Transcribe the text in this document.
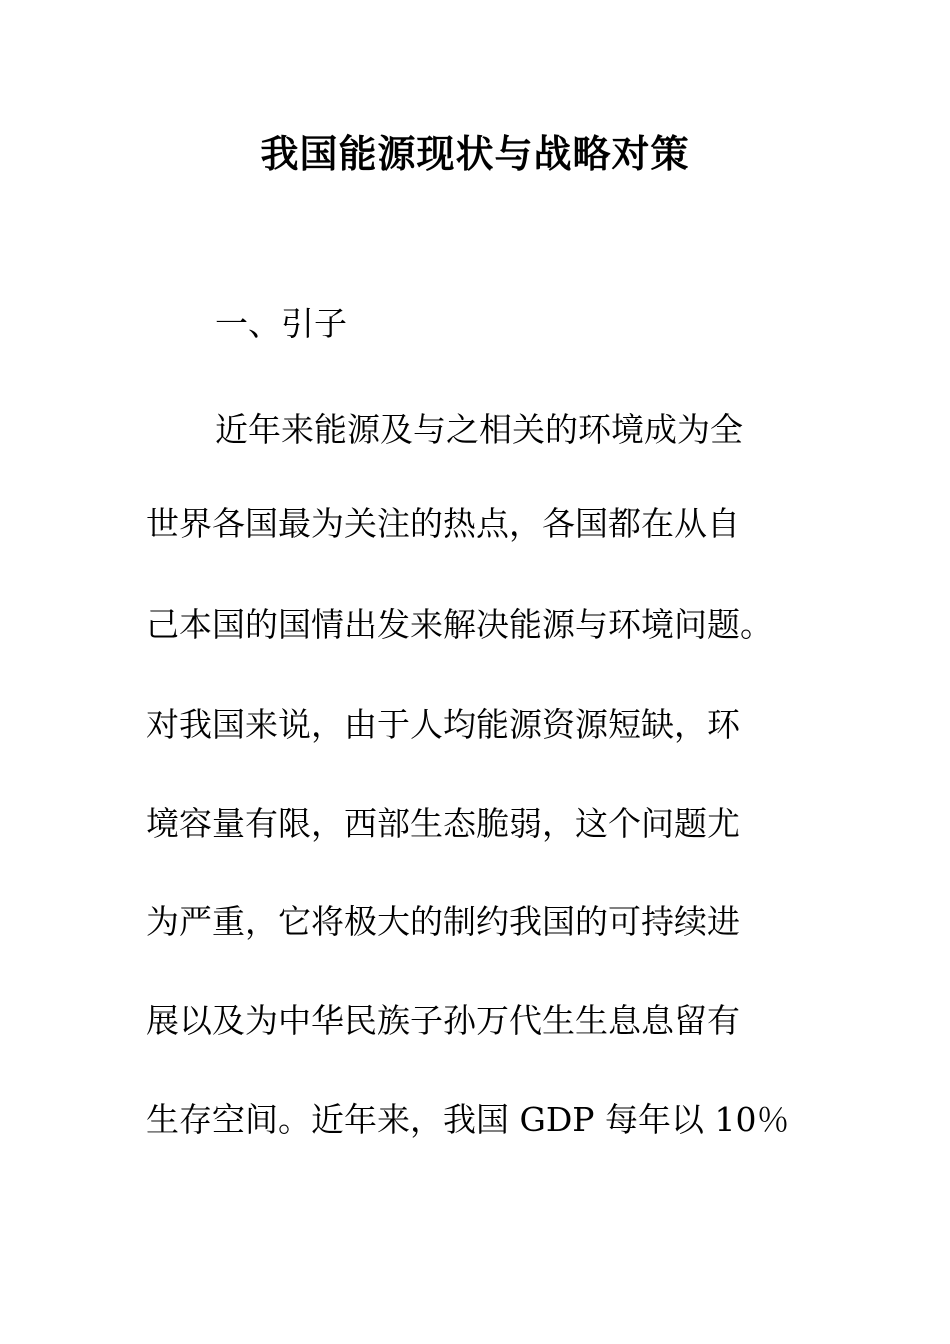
我国能源现状与战略对策

一、引子

近年来能源及与之相关的环境成为全

世界各国最为关注的热点，各国都在从自

己本国的国情出发来解决能源与环境问题。

对我国来说，由于人均能源资源短缺，环

境容量有限，西部生态脆弱，这个问题尤

为严重，它将极大的制约我国的可持续进

展以及为中华民族子孙万代生生息息留有

生存空间。近年来，我国 GDP 每年以 10％
